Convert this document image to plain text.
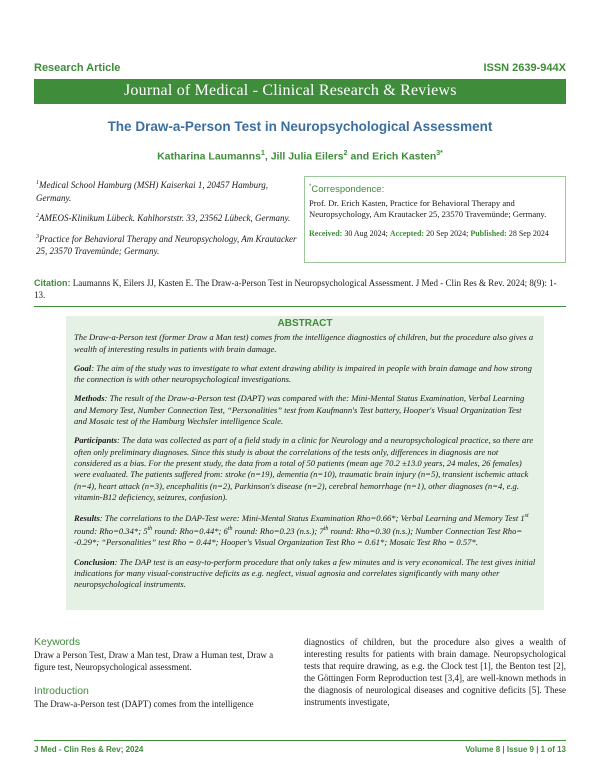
Research Article	ISSN 2639-944X
Journal of Medical - Clinical Research & Reviews
The Draw-a-Person Test in Neuropsychological Assessment
Katharina Laumanns$^1$, Jill Julia Eilers$^2$ and Erich Kasten$^{3*}$

$^1$Medical School Hamburg (MSH) Kaiserkai 1, 20457 Hamburg, Germany.

$^2$AMEOS-Klinikum Lübeck. Kahlhorststr. 33, 23562 Lübeck, Germany.

$^3$Practice for Behavioral Therapy and Neuropsychology, Am Krautacker 25, 23570 Travemünde; Germany.

*Correspondence:
Prof. Dr. Erich Kasten, Practice for Behavioral Therapy and Neuropsychology, Am Krautacker 25, 23570 Travemünde; Germany.
Received: 30 Aug 2024; Accepted: 20 Sep 2024; Published: 28 Sep 2024
Citation: Laumanns K, Eilers JJ, Kasten E. The Draw-a-Person Test in Neuropsychological Assessment. J Med - Clin Res & Rev. 2024; 8(9): 1-13.
ABSTRACT

The Draw-a-Person test (former Draw a Man test) comes from the intelligence diagnostics of children, but the procedure also gives a wealth of interesting results in patients with brain damage.

Goal: The aim of the study was to investigate to what extent drawing ability is impaired in people with brain damage and how strong the connection is with other neuropsychological investigations.

Methods: The result of the Draw-a-Person test (DAPT) was compared with the: Mini-Mental Status Examination, Verbal Learning and Memory Test, Number Connection Test, “Personalities” test from Kaufmann's Test battery, Hooper's Visual Organization Test and Mosaic test of the Hamburg Wechsler intelligence Scale.

Participants: The data was collected as part of a field study in a clinic for Neurology and a neuropsychological practice, so there are often only preliminary diagnoses. Since this study is about the correlations of the tests only, differences in diagnosis are not considered as a bias. For the present study, the data from a total of 50 patients (mean age 70.2 ±13.0 years, 24 males, 26 females) were evaluated. The patients suffered from: stroke (n=19), dementia (n=10), traumatic brain injury (n=5), transient ischemic attack (n=4), heart attack (n=3), encephalitis (n=2), Parkinson's disease (n=2), cerebral hemorrhage (n=1), other diagnoses (n=4, e.g. vitamin-B12 deficiency, seizures, confusion).

Results: The correlations to the DAP-Test were: Mini-Mental Status Examination Rho=0.66*; Verbal Learning and Memory Test 1st round: Rho=0.34*; 5th round: Rho=0.44*; 6th round: Rho=0.23 (n.s.); 7th round: Rho=0.30 (n.s.); Number Connection Test Rho= -0.29*; “Personalities” test Rho = 0.44*; Hooper's Visual Organization Test Rho = 0.61*; Mosaic Test Rho = 0.57*.

Conclusion: The DAP test is an easy-to-perform procedure that only takes a few minutes and is very economical. The test gives initial indications for many visual-constructive deficits as e.g. neglect, visual agnosia and correlates significantly with many other neuropsychological instruments.

Keywords

Draw a Person Test, Draw a Man test, Draw a Human test, Draw a figure test, Neuropsychological assessment.

Introduction

The Draw-a-Person test (DAPT) comes from the intelligence

diagnostics of children, but the procedure also gives a wealth of interesting results for patients with brain damage. Neuropsychological tests that require drawing, as e.g. the Clock test [1], the Benton test [2], the Göttingen Form Reproduction test [3,4], are well-known methods in the diagnosis of neurological diseases and cognitive deficits [5]. These instruments investigate,

J Med - Clin Res & Rev; 2024	Volume 8 | Issue 9 | 1 of 13
